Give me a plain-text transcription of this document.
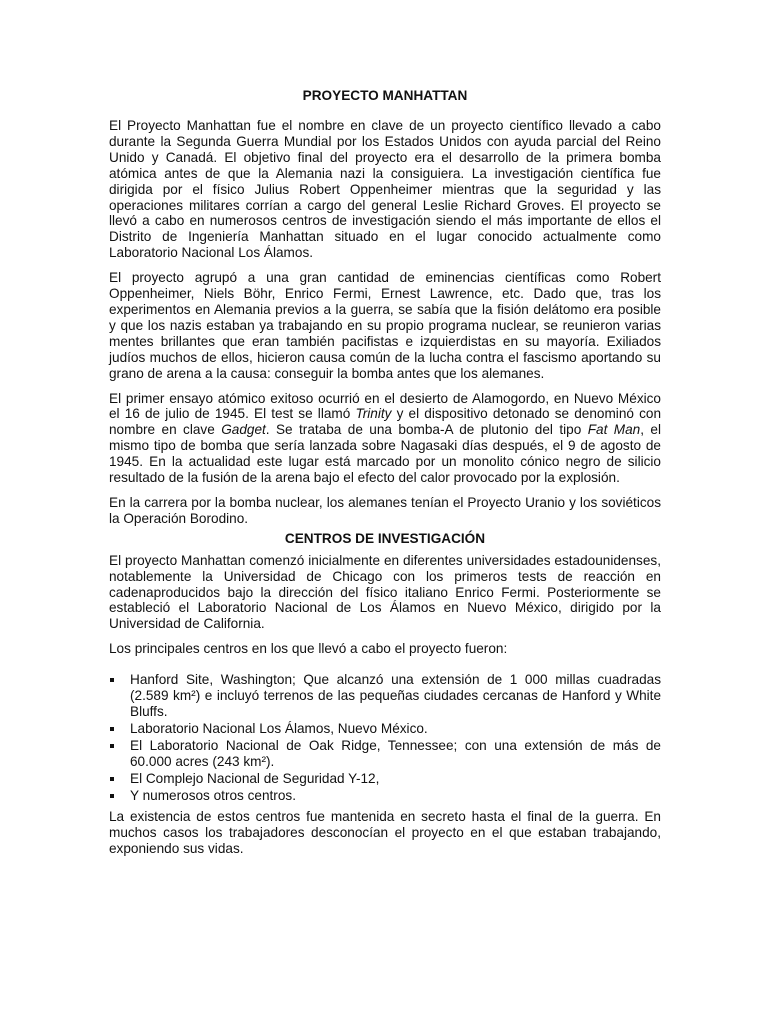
PROYECTO MANHATTAN

El Proyecto Manhattan fue el nombre en clave de un proyecto científico llevado a cabo durante la Segunda Guerra Mundial por los Estados Unidos con ayuda parcial del Reino Unido y Canadá. El objetivo final del proyecto era el desarrollo de la primera bomba atómica antes de que la Alemania nazi la consiguiera. La investigación científica fue dirigida por el físico Julius Robert Oppenheimer mientras que la seguridad y las operaciones militares corrían a cargo del general Leslie Richard Groves. El proyecto se llevó a cabo en numerosos centros de investigación siendo el más importante de ellos el Distrito de Ingeniería Manhattan situado en el lugar conocido actualmente como Laboratorio Nacional Los Álamos.

El proyecto agrupó a una gran cantidad de eminencias científicas como Robert Oppenheimer, Niels Böhr, Enrico Fermi, Ernest Lawrence, etc. Dado que, tras los experimentos en Alemania previos a la guerra, se sabía que la fisión delátomo era posible y que los nazis estaban ya trabajando en su propio programa nuclear, se reunieron varias mentes brillantes que eran también pacifistas e izquierdistas en su mayoría. Exiliados judíos muchos de ellos, hicieron causa común de la lucha contra el fascismo aportando su grano de arena a la causa: conseguir la bomba antes que los alemanes.

El primer ensayo atómico exitoso ocurrió en el desierto de Alamogordo, en Nuevo México el 16 de julio de 1945. El test se llamó Trinity y el dispositivo detonado se denominó con nombre en clave Gadget. Se trataba de una bomba-A de plutonio del tipo Fat Man, el mismo tipo de bomba que sería lanzada sobre Nagasaki días después, el 9 de agosto de 1945. En la actualidad este lugar está marcado por un monolito cónico negro de silicio resultado de la fusión de la arena bajo el efecto del calor provocado por la explosión.

En la carrera por la bomba nuclear, los alemanes tenían el Proyecto Uranio y los soviéticos la Operación Borodino.

CENTROS DE INVESTIGACIÓN

El proyecto Manhattan comenzó inicialmente en diferentes universidades estadounidenses, notablemente la Universidad de Chicago con los primeros tests de reacción en cadenaproducidos bajo la dirección del físico italiano Enrico Fermi. Posteriormente se estableció el Laboratorio Nacional de Los Álamos en Nuevo México, dirigido por la Universidad de California.

Los principales centros en los que llevó a cabo el proyecto fueron:

Hanford Site, Washington; Que alcanzó una extensión de 1 000 millas cuadradas (2.589 km²) e incluyó terrenos de las pequeñas ciudades cercanas de Hanford y White Bluffs.
Laboratorio Nacional Los Álamos, Nuevo México.
El Laboratorio Nacional de Oak Ridge, Tennessee; con una extensión de más de 60.000 acres (243 km²).
El Complejo Nacional de Seguridad Y-12,
Y numerosos otros centros.

La existencia de estos centros fue mantenida en secreto hasta el final de la guerra. En muchos casos los trabajadores desconocían el proyecto en el que estaban trabajando, exponiendo sus vidas.
